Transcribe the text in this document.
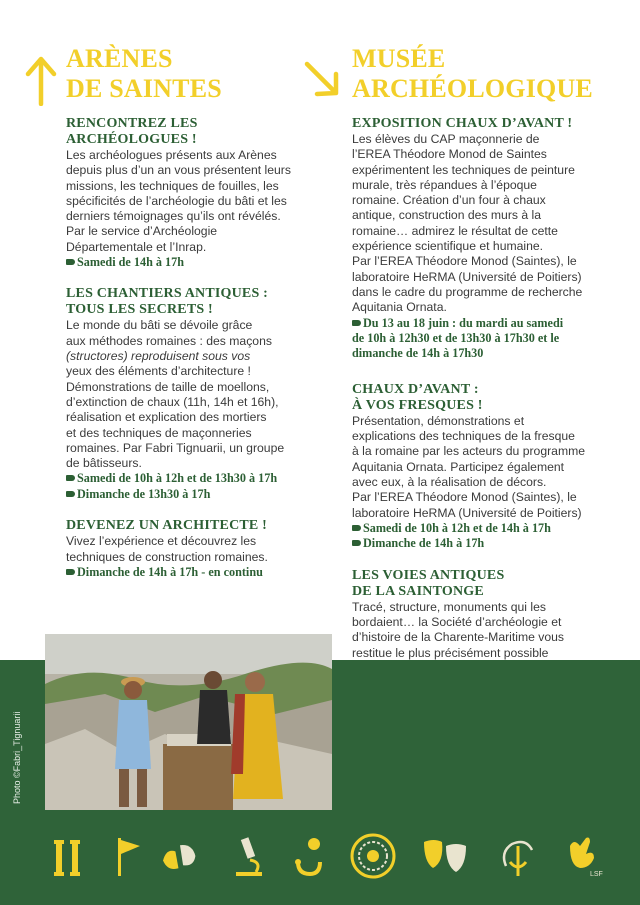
ARÈNES
DE SAINTES
RENCONTREZ LES
ARCHÉOLOGUES !
Les archéologues présents aux Arènes
depuis plus d’un an vous présentent leurs
missions, les techniques de fouilles, les
spécificités de l’archéologie du bâti et les
derniers témoignages qu’ils ont révélés.
Par le service d’Archéologie
Départementale et l’Inrap.
Samedi de 14h à 17h
LES CHANTIERS ANTIQUES :
TOUS LES SECRETS !
Le monde du bâti se dévoile grâce
aux méthodes romaines : des maçons
(structores) reproduisent sous vos
yeux des éléments d’architecture !
Démonstrations de taille de moellons,
d’extinction de chaux (11h, 14h et 16h),
réalisation et explication des mortiers
et des techniques de maçonneries
romaines. Par Fabri Tignuarii, un groupe
de bâtisseurs.
Samedi de 10h à 12h et de 13h30 à 17h
Dimanche de 13h30 à 17h
DEVENEZ UN ARCHITECTE !
Vivez l’expérience et découvrez les
techniques de construction romaines.
Dimanche de 14h à 17h - en continu
MUSÉE
ARCHÉOLOGIQUE
EXPOSITION CHAUX D’AVANT !
Les élèves du CAP maçonnerie de
l’EREA Théodore Monod de Saintes
expérimentent les techniques de peinture
murale, très répandues à l’époque
romaine. Création d’un four à chaux
antique, construction des murs à la
romaine… admirez le résultat de cette
expérience scientifique et humaine.
Par l’EREA Théodore Monod (Saintes), le
laboratoire HeRMA (Université de Poitiers)
dans le cadre du programme de recherche
Aquitania Ornata.
Du 13 au 18 juin : du mardi au samedi
de 10h à 12h30 et de 13h30 à 17h30 et le
dimanche de 14h à 17h30
CHAUX D’AVANT :
À VOS FRESQUES !
Présentation, démonstrations et
explications des techniques de la fresque
à la romaine par les acteurs du programme
Aquitania Ornata. Participez également
avec eux, à la réalisation de décors.
Par l’EREA Théodore Monod (Saintes), le
laboratoire HeRMA (Université de Poitiers)
Samedi de 10h à 12h et de 14h à 17h
Dimanche de 14h à 17h
LES VOIES ANTIQUES
DE LA SAINTONGE
Tracé, structure, monuments qui les
bordaient… la Société d’archéologie et
d’histoire de la Charente-Maritime vous
restitue le plus précisément possible
Photo ©Fabri_Tignuarii
LSF
